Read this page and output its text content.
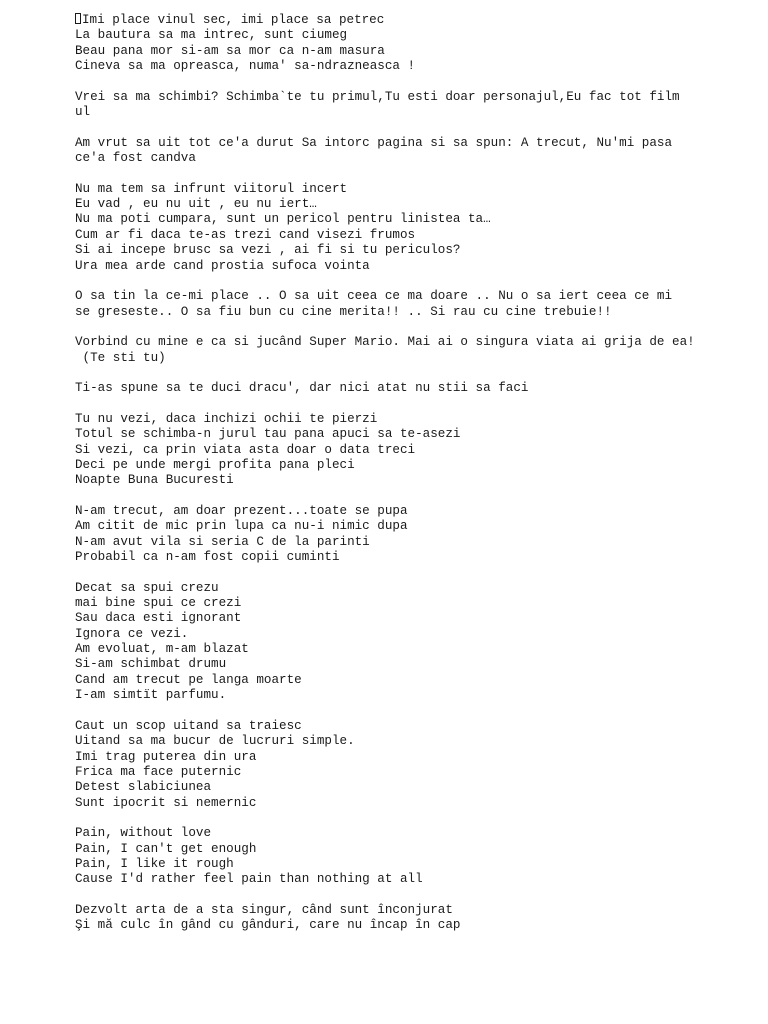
Imi place vinul sec, imi place sa petrec
La bautura sa ma intrec, sunt ciumeg
Beau pana mor si-am sa mor ca n-am masura
Cineva sa ma opreasca, numa' sa-ndrazneasca !

Vrei sa ma schimbi? Schimba`te tu primul,Tu esti doar personajul,Eu fac tot film
ul

Am vrut sa uit tot ce'a durut Sa intorc pagina si sa spun: A trecut, Nu'mi pasa
ce'a fost candva

Nu ma tem sa infrunt viitorul incert
Eu vad , eu nu uit , eu nu iert…
Nu ma poti cumpara, sunt un pericol pentru linistea ta…
Cum ar fi daca te-as trezi cand visezi frumos
Si ai incepe brusc sa vezi , ai fi si tu periculos?
Ura mea arde cand prostia sufoca vointa

O sa tin la ce-mi place .. O sa uit ceea ce ma doare .. Nu o sa iert ceea ce mi
se greseste.. O sa fiu bun cu cine merita!! .. Si rau cu cine trebuie!!

Vorbind cu mine e ca si jucând Super Mario. Mai ai o singura viata ai grija de ea!
(Te sti tu)

Ti-as spune sa te duci dracu', dar nici atat nu stii sa faci

Tu nu vezi, daca inchizi ochii te pierzi
Totul se schimba-n jurul tau pana apuci sa te-asezi
Si vezi, ca prin viata asta doar o data treci
Deci pe unde mergi profita pana pleci
Noapte Buna Bucuresti

N-am trecut, am doar prezent...toate se pupa
Am citit de mic prin lupa ca nu-i nimic dupa
N-am avut vila si seria C de la parinti
Probabil ca n-am fost copii cuminti

Decat sa spui crezu
mai bine spui ce crezi
Sau daca esti ignorant
Ignora ce vezi.
Am evoluat, m-am blazat
Si-am schimbat drumu
Cand am trecut pe langa moarte
I-am simtït parfumu.

Caut un scop uitand sa traiesc
Uitand sa ma bucur de lucruri simple.
Imi trag puterea din ura
Frica ma face puternic
Detest slabiciunea
Sunt ipocrit si nemernic

Pain, without love
Pain, I can't get enough
Pain, I like it rough
Cause I'd rather feel pain than nothing at all

Dezvolt arta de a sta singur, când sunt înconjurat
Şi mă culc în gând cu gânduri, care nu încap în cap
